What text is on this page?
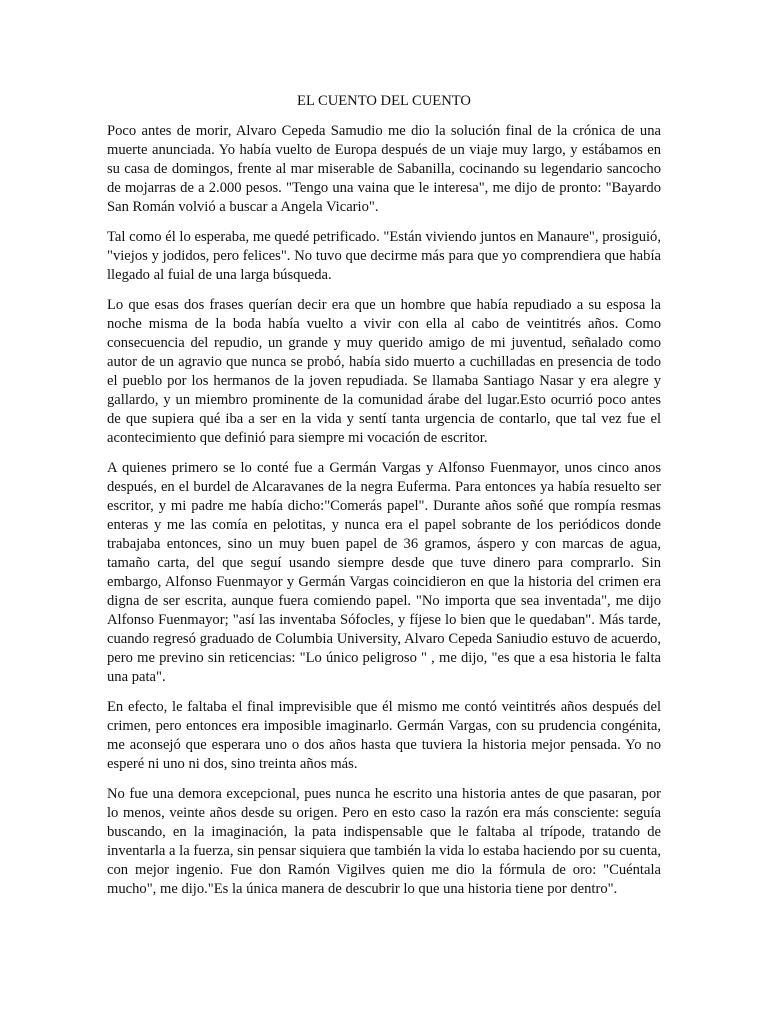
EL CUENTO DEL CUENTO

Poco antes de morir, Alvaro Cepeda Samudio me dio la solución final de la crónica de una muerte anunciada. Yo había vuelto de Europa después de un viaje muy largo, y estábamos en su casa de domingos, frente al mar miserable de Sabanilla, cocinando su legendario sancocho de mojarras de a 2.000 pesos. "Tengo una vaina que le interesa", me dijo de pronto: "Bayardo San Román volvió a buscar a Angela Vicario".

Tal como él lo esperaba, me quedé petrificado. "Están viviendo juntos en Manaure", prosiguió, "viejos y jodidos, pero felices". No tuvo que decirme más para que yo comprendiera que había llegado al fuial de una larga búsqueda.

Lo que esas dos frases querían decir era que un hombre que había repudiado a su esposa la noche misma de la boda había vuelto a vivir con ella al cabo de veintitrés años. Como consecuencia del repudio, un grande y muy querido amigo de mi juventud, señalado como autor de un agravio que nunca se probó, había sido muerto a cuchilladas en presencia de todo el pueblo por los hermanos de la joven repudiada. Se llamaba Santiago Nasar y era alegre y gallardo, y un miembro prominente de la comunidad árabe del lugar.Esto ocurrió poco antes de que supiera qué iba a ser en la vida y sentí tanta urgencia de contarlo, que tal vez fue el acontecimiento que definió para siempre mi vocación de escritor.

A quienes primero se lo conté fue a Germán Vargas y Alfonso Fuenmayor, unos cinco anos después, en el burdel de Alcaravanes de la negra Euferma. Para entonces ya había resuelto ser escritor, y mi padre me había dicho:"Comerás papel". Durante años soñé que rompía resmas enteras y me las comía en pelotitas, y nunca era el papel sobrante de los periódicos donde trabajaba entonces, sino un muy buen papel de 36 gramos, áspero y con marcas de agua, tamaño carta, del que seguí usando siempre desde que tuve dinero para comprarlo. Sin embargo, Alfonso Fuenmayor y Germán Vargas coincidieron en que la historia del crimen era digna de ser escrita, aunque fuera comiendo papel. "No importa que sea inventada", me dijo Alfonso Fuenmayor; "así las inventaba Sófocles, y fíjese lo bien que le quedaban". Más tarde, cuando regresó graduado de Columbia University, Alvaro Cepeda Saniudio estuvo de acuerdo, pero me previno sin reticencias: "Lo único peligroso " , me dijo, "es que a esa historia le falta una pata".

En efecto, le faltaba el final imprevisible que él mismo me contó veintitrés años después del crimen, pero entonces era imposible imaginarlo. Germán Vargas, con su prudencia congénita, me aconsejó que esperara uno o dos años hasta que tuviera la historia mejor pensada. Yo no esperé ni uno ni dos, sino treinta años más.

No fue una demora excepcional, pues nunca he escrito una historia antes de que pasaran, por lo menos, veinte años desde su origen. Pero en esto caso la razón era más consciente: seguía buscando, en la imaginación, la pata indispensable que le faltaba al trípode, tratando de inventarla a la fuerza, sin pensar siquiera que también la vida lo estaba haciendo por su cuenta, con mejor ingenio. Fue don Ramón Vigilves quien me dio la fórmula de oro: "Cuéntala mucho", me dijo."Es la única manera de descubrir lo que una historia tiene por dentro".
